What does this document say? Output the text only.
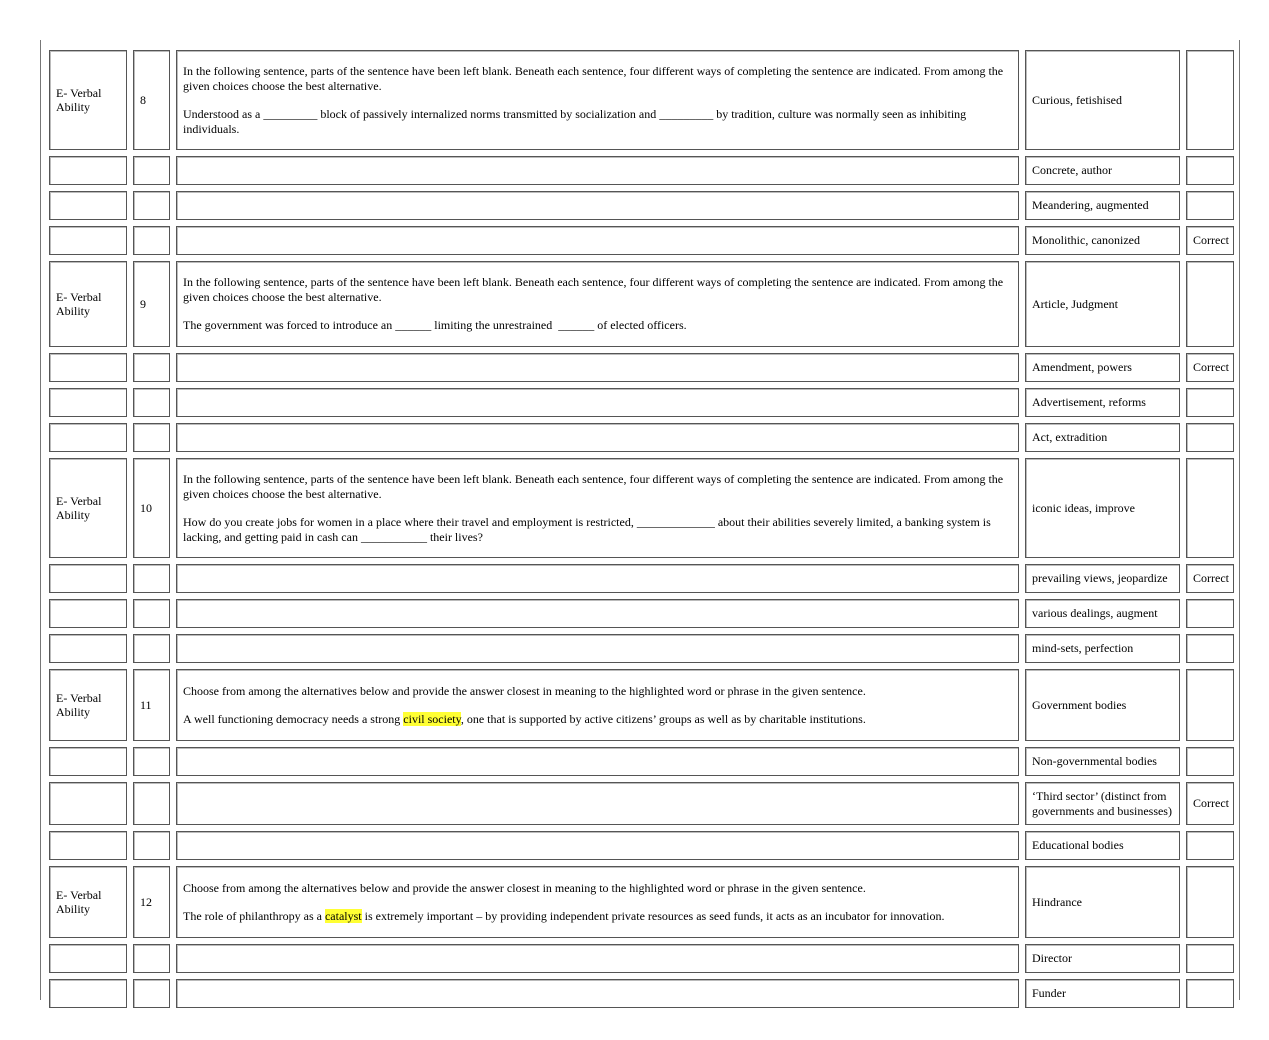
E- Verbal Ability	8	In the following sentence, parts of the sentence have been left blank. Beneath each sentence, four different ways of completing the sentence are indicated. From among the given choices choose the best alternative.

Understood as a _________ block of passively internalized norms transmitted by socialization and _________ by tradition, culture was normally seen as inhibiting individuals.	Curious, fetishised	
			Concrete, author	
			Meandering, augmented	
			Monolithic, canonized	Correct
E- Verbal Ability	9	In the following sentence, parts of the sentence have been left blank. Beneath each sentence, four different ways of completing the sentence are indicated. From among the given choices choose the best alternative.

The government was forced to introduce an ______ limiting the unrestrained  ______ of elected officers.	Article, Judgment	
			Amendment, powers	Correct
			Advertisement, reforms	
			Act, extradition	
E- Verbal Ability	10	In the following sentence, parts of the sentence have been left blank. Beneath each sentence, four different ways of completing the sentence are indicated. From among the given choices choose the best alternative.

How do you create jobs for women in a place where their travel and employment is restricted, _____________ about their abilities severely limited, a banking system is lacking, and getting paid in cash can ___________ their lives?	iconic ideas, improve	
			prevailing views, jeopardize	Correct
			various dealings, augment	
			mind-sets, perfection	
E- Verbal Ability	11	Choose from among the alternatives below and provide the answer closest in meaning to the highlighted word or phrase in the given sentence.

A well functioning democracy needs a strong civil society, one that is supported by active citizens’ groups as well as by charitable institutions.	Government bodies	
			Non-governmental bodies	
			‘Third sector’ (distinct from governments and businesses)	Correct
			Educational bodies	
E- Verbal Ability	12	Choose from among the alternatives below and provide the answer closest in meaning to the highlighted word or phrase in the given sentence.

The role of philanthropy as a catalyst is extremely important – by providing independent private resources as seed funds, it acts as an incubator for innovation.	Hindrance	
			Director	
			Funder	
